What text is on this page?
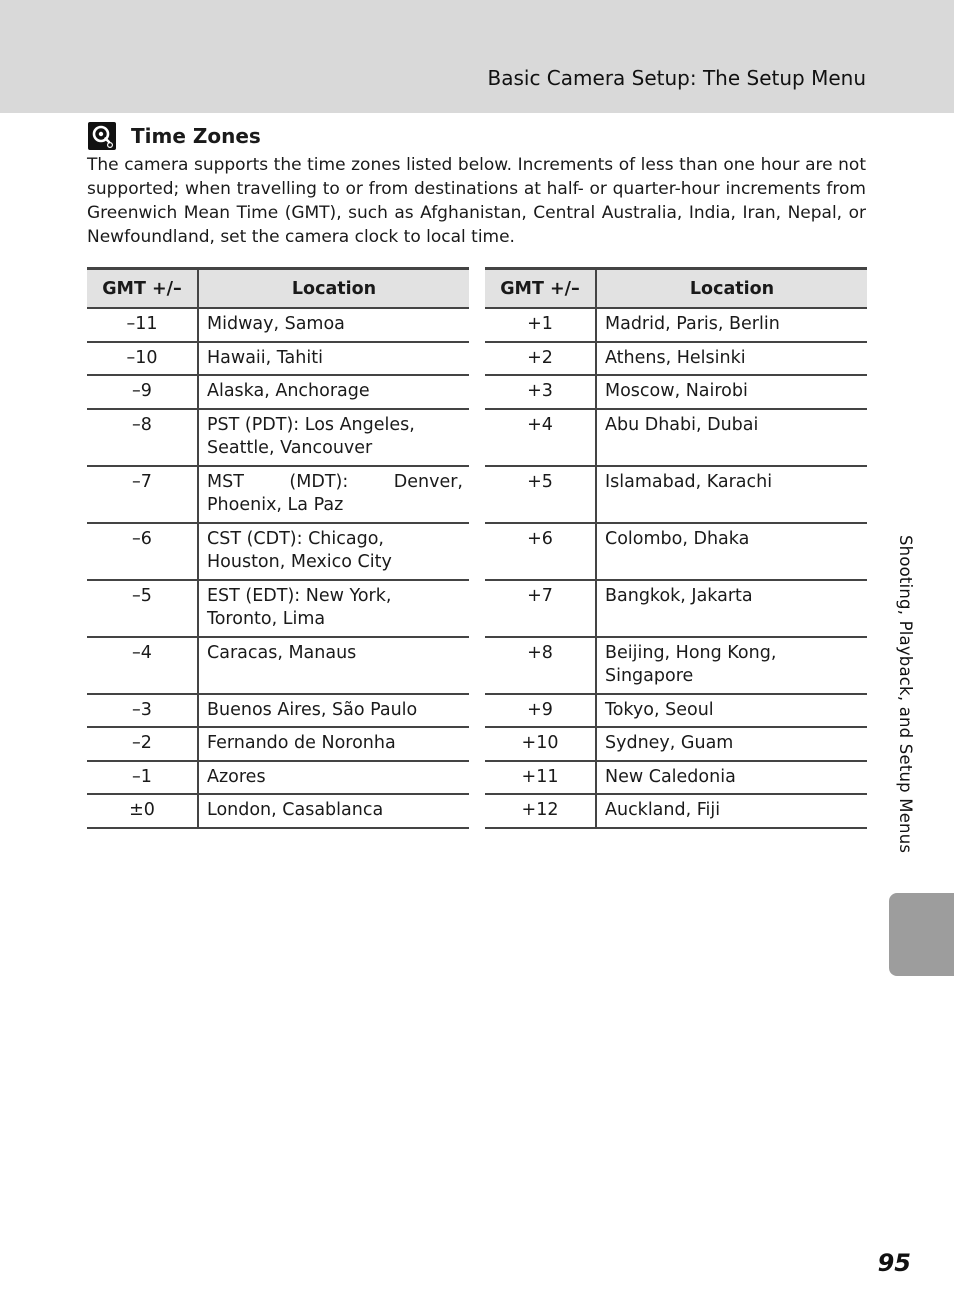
Basic Camera Setup: The Setup Menu
Time Zones

The camera supports the time zones listed below. Increments of less than one hour are not supported; when travelling to or from destinations at half- or quarter-hour increments from Greenwich Mean Time (GMT), such as Afghanistan, Central Australia, India, Iran, Nepal, or Newfoundland, set the camera clock to local time.

GMT +/–	Location
–11	Midway, Samoa
–10	Hawaii, Tahiti
–9	Alaska, Anchorage
–8	PST (PDT): Los Angeles, Seattle, Vancouver
–7	MST (MDT): Denver, Phoenix, La Paz
–6	CST (CDT): Chicago, Houston, Mexico City
–5	EST (EDT): New York, Toronto, Lima
–4	Caracas, Manaus
–3	Buenos Aires, São Paulo
–2	Fernando de Noronha
–1	Azores
±0	London, Casablanca
GMT +/–	Location
+1	Madrid, Paris, Berlin
+2	Athens, Helsinki
+3	Moscow, Nairobi
+4	Abu Dhabi, Dubai
+5	Islamabad, Karachi
+6	Colombo, Dhaka
+7	Bangkok, Jakarta
+8	Beijing, Hong Kong, Singapore
+9	Tokyo, Seoul
+10	Sydney, Guam
+11	New Caledonia
+12	Auckland, Fiji	Shooting, Playback, and Setup Menus
95
